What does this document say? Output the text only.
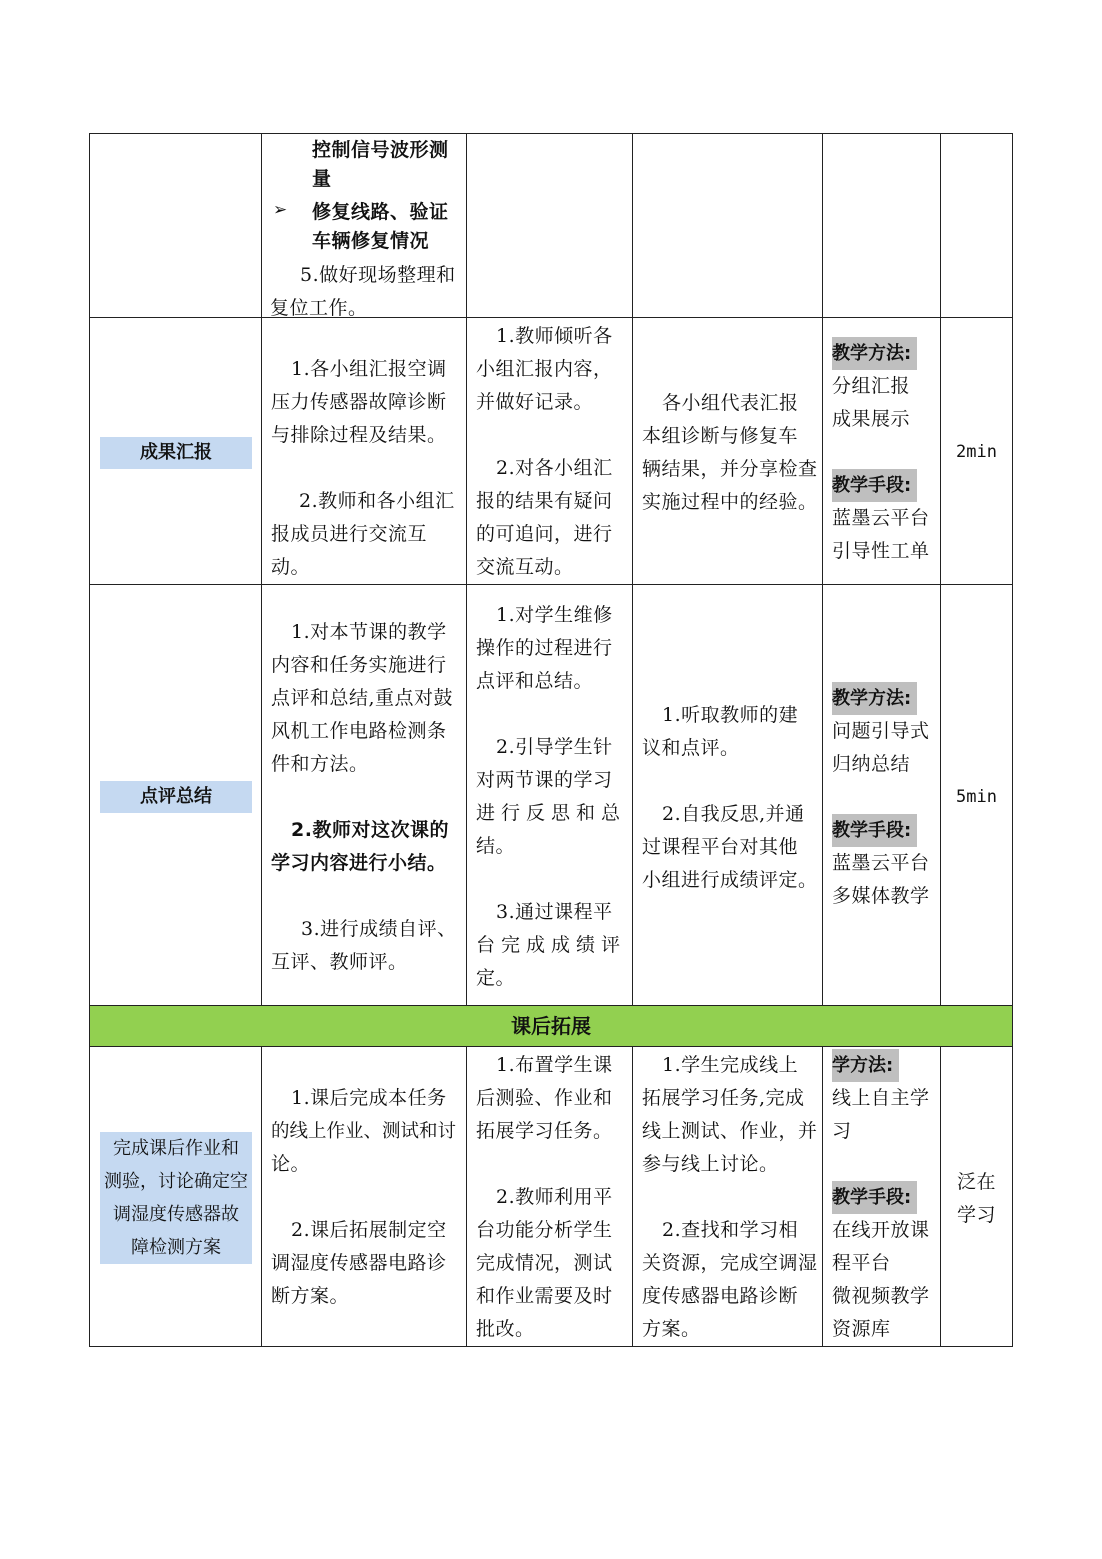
控制信号波形测
量
➢	修复线路、验证
车辆修复情况
5.做好现场整理和
复位工作。
成果汇报
1.各小组汇报空调
压力传感器故障诊断
与排除过程及结果。
2.教师和各小组汇
报成员进行交流互动。
1.教师倾听各
小组汇报内容，
并做好记录。
2.对各小组汇
报的结果有疑问
的可追问，进行
交流互动。
各小组代表汇报
本组诊断与修复车
辆结果，并分享检查
实施过程中的经验。
教学方法:
分组汇报
成果展示
教学手段:
蓝墨云平台
引导性工单
2min
点评总结
1.对本节课的教学
内容和任务实施进行
点评和总结,重点对鼓
风机工作电路检测条
件和方法。
2.教师对这次课的
学习内容进行小结。
3.进行成绩自评、
互评、教师评。
1.对学生维修
操作的过程进行
点评和总结。
2.引导学生针
对两节课的学习
进行反思和总
结。
3.通过课程平
台完成成绩评
定。
1.听取教师的建
议和点评。
2.自我反思,并通
过课程平台对其他
小组进行成绩评定。
教学方法:
问题引导式
归纳总结
教学手段:
蓝墨云平台
多媒体教学
5min
课后拓展
完成课后作业和
测验，讨论确定空
调湿度传感器故
障检测方案
1.课后完成本任务
的线上作业、测试和讨
论。
2.课后拓展制定空
调湿度传感器电路诊
断方案。
1.布置学生课
后测验、作业和
拓展学习任务。
2.教师利用平
台功能分析学生
完成情况，测试
和作业需要及时
批改。
1.学生完成线上
拓展学习任务,完成
线上测试、作业，并
参与线上讨论。
2.查找和学习相
关资源，完成空调湿
度传感器电路诊断
方案。
学方法:
线上自主学
习
教学手段:
在线开放课
程平台
微视频教学
资源库
泛在
学习
